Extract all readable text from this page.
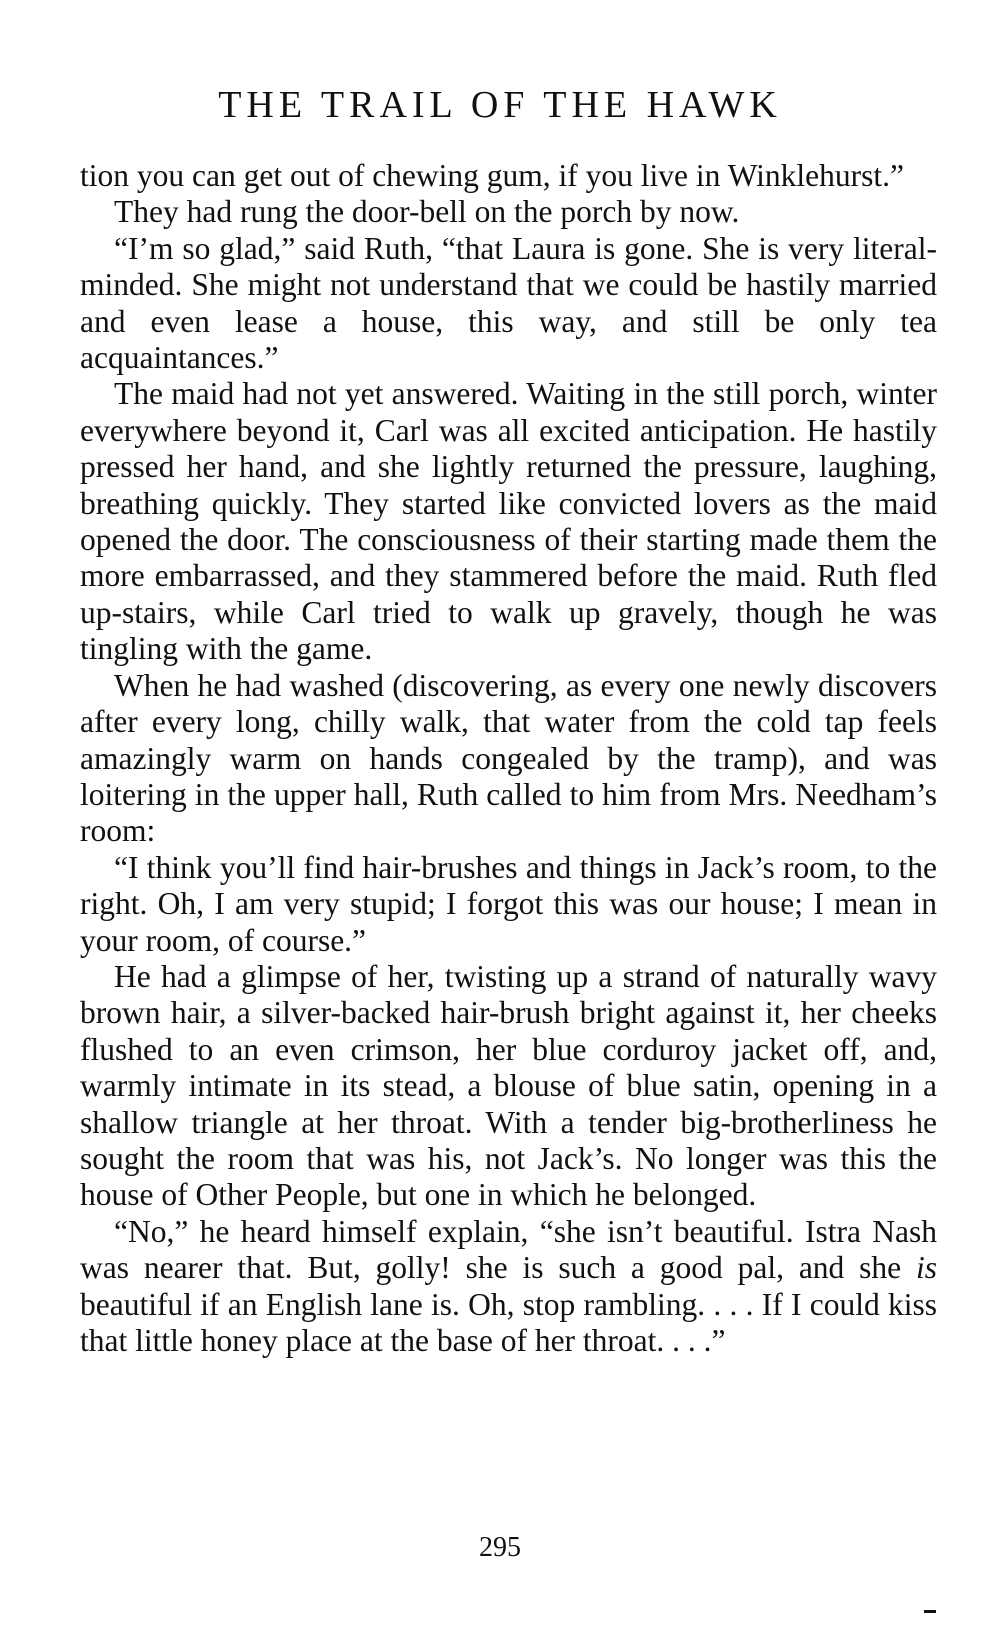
THE TRAIL OF THE HAWK

tion you can get out of chewing gum, if you live in Winklehurst.”

They had rung the door-bell on the porch by now.

“I’m so glad,” said Ruth, “that Laura is gone. She is very literal-minded. She might not understand that we could be hastily married and even lease a house, this way, and still be only tea acquaintances.”

The maid had not yet answered. Waiting in the still porch, winter everywhere beyond it, Carl was all excited anticipation. He hastily pressed her hand, and she lightly returned the pressure, laughing, breathing quickly. They started like convicted lovers as the maid opened the door. The consciousness of their starting made them the more embarrassed, and they stammered before the maid. Ruth fled up-stairs, while Carl tried to walk up gravely, though he was tingling with the game.

When he had washed (discovering, as every one newly discovers after every long, chilly walk, that water from the cold tap feels amazingly warm on hands congealed by the tramp), and was loitering in the upper hall, Ruth called to him from Mrs. Needham’s room:

“I think you’ll find hair-brushes and things in Jack’s room, to the right. Oh, I am very stupid; I forgot this was our house; I mean in your room, of course.”

He had a glimpse of her, twisting up a strand of naturally wavy brown hair, a silver-backed hair-brush bright against it, her cheeks flushed to an even crimson, her blue corduroy jacket off, and, warmly intimate in its stead, a blouse of blue satin, opening in a shallow triangle at her throat. With a tender big-brotherliness he sought the room that was his, not Jack’s. No longer was this the house of Other People, but one in which he belonged.

“No,” he heard himself explain, “she isn’t beautiful. Istra Nash was nearer that. But, golly! she is such a good pal, and she is beautiful if an English lane is. Oh, stop rambling. . . . If I could kiss that little honey place at the base of her throat. . . .”

295
